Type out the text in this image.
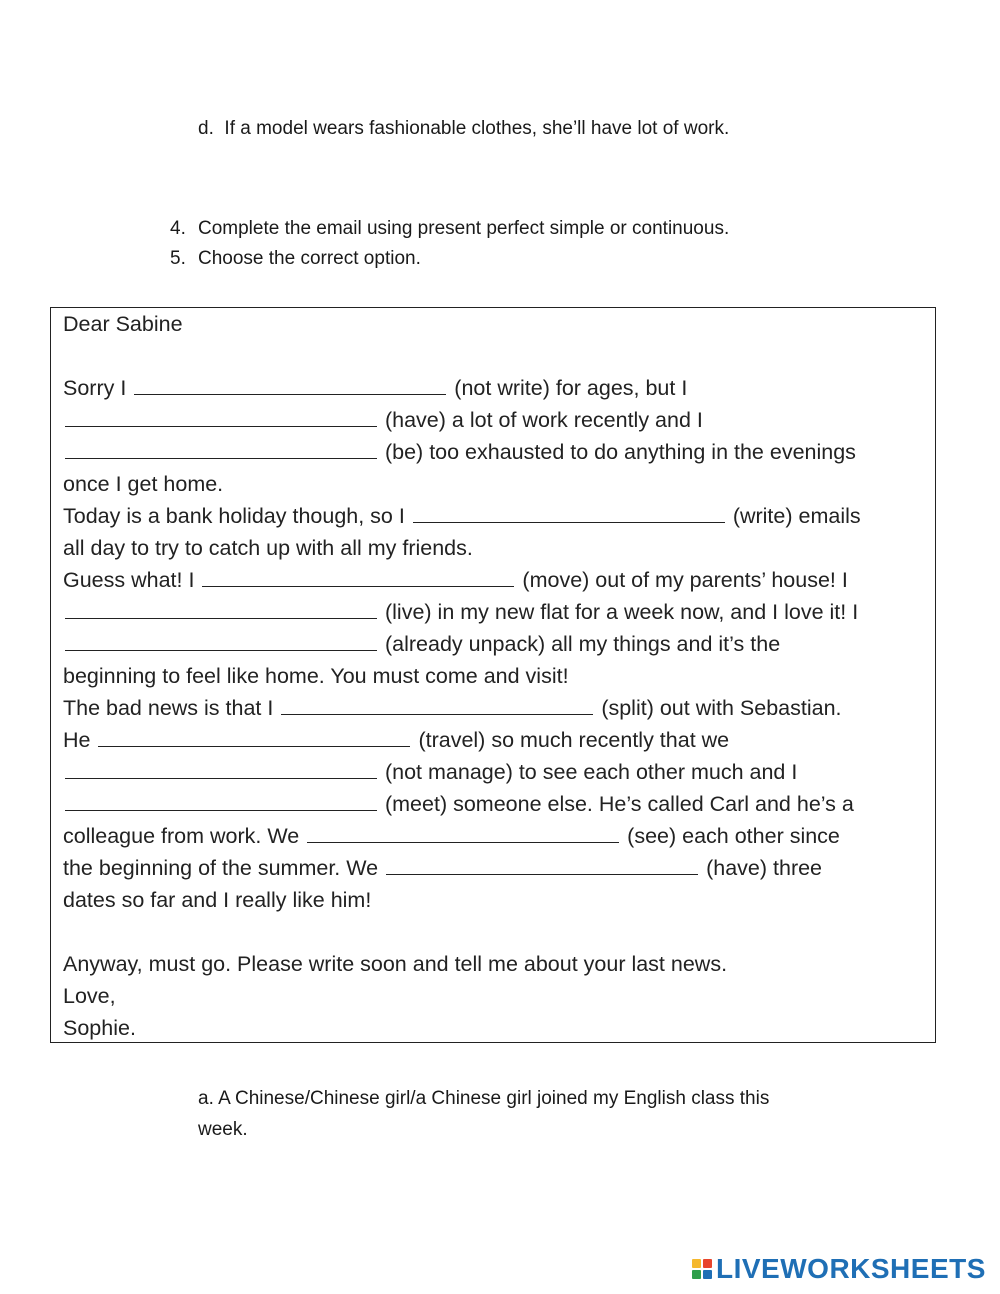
d. If a model wears fashionable clothes, she’ll have lot of work.
4. Complete the email using present perfect simple or continuous.
5. Choose the correct option.
Dear Sabine
Sorry I	(not write) for ages, but I
(have) a lot of work recently and I
(be) too exhausted to do anything in the evenings
once I get home.
Today is a bank holiday though, so I	(write) emails
all day to try to catch up with all my friends.
Guess what! I	(move) out of my parents’ house! I
(live) in my new flat for a week now, and I love it! I
(already unpack) all my things and it’s the
beginning to feel like home. You must come and visit!
The bad news is that I	(split) out with Sebastian.
He	(travel) so much recently that we
(not manage) to see each other much and I
(meet) someone else. He’s called Carl and he’s a
colleague from work. We	(see) each other since
the beginning of the summer. We	(have) three
dates so far and I really like him!
Anyway, must go. Please write soon and tell me about your last news.
Love,
Sophie.
a. A Chinese/Chinese girl/a Chinese girl joined my English class this
week.
LIVEWORKSHEETS
